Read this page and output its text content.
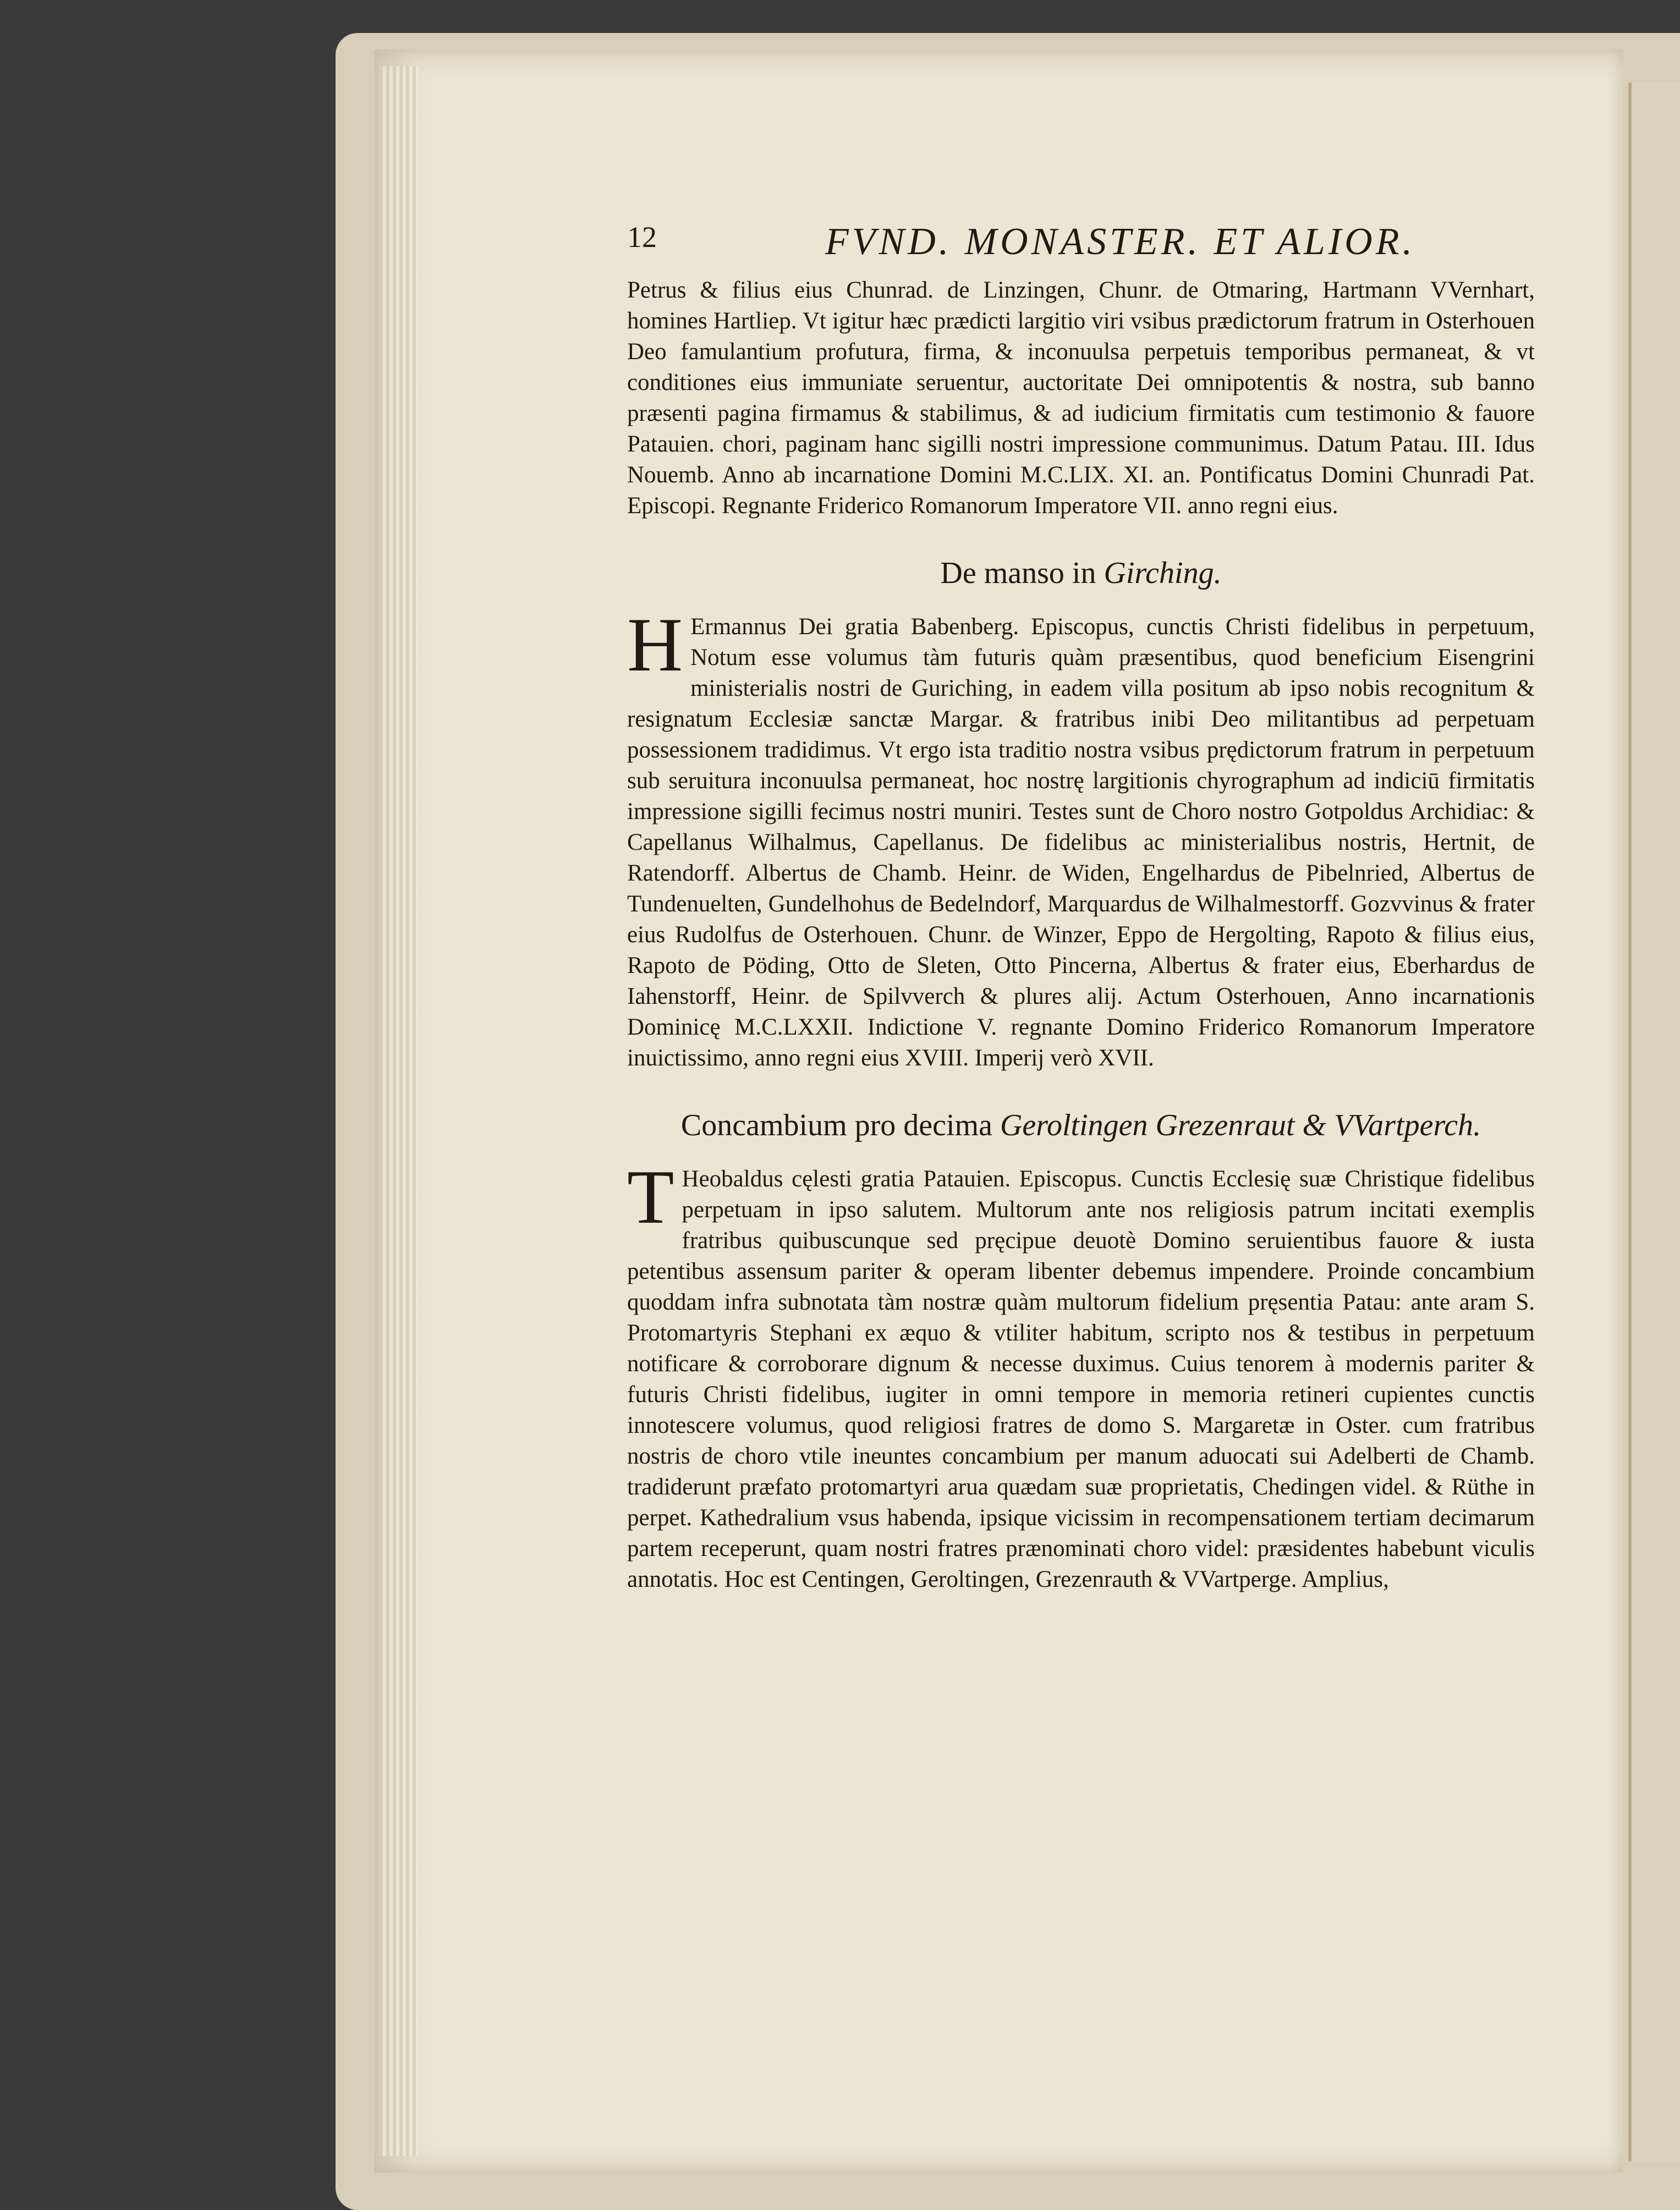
12	FVND. MONASTER. ET ALIOR.

Petrus & filius eius Chunrad. de Linzingen, Chunr. de Otmaring, Hartmann VVernhart, homines Hartliep. Vt igitur hæc prædicti largitio viri vsibus prædictorum fratrum in Osterhouen Deo famulantium profutura, firma, & inconuulsa perpetuis temporibus permaneat, & vt conditiones eius immuniate seruentur, auctoritate Dei omnipotentis & nostra, sub banno præsenti pagina firmamus & stabilimus, & ad iudicium firmitatis cum testimonio & fauore Patauien. chori, paginam hanc sigilli nostri impressione communimus. Datum Patau. III. Idus Nouemb. Anno ab incarnatione Domini M.C.LIX. XI. an. Pontificatus Domini Chunradi Pat. Episcopi. Regnante Friderico Romanorum Imperatore VII. anno regni eius.

De manso in Girching.
H Ermannus Dei gratia Babenberg. Episcopus, cunctis Christi fidelibus in perpetuum, Notum esse volumus tàm futuris quàm præsentibus, quod beneficium Eisengrini ministerialis nostri de Guriching, in eadem villa positum ab ipso nobis recognitum & resignatum Ecclesiæ sanctæ Margar. & fratribus inibi Deo militantibus ad perpetuam possessionem tradidimus. Vt ergo ista traditio nostra vsibus prędictorum fratrum in perpetuum sub seruitura inconuulsa permaneat, hoc nostrę largitionis chyrographum ad indiciū firmitatis impressione sigilli fecimus nostri muniri. Testes sunt de Choro nostro Gotpoldus Archidiac: & Capellanus Wilhalmus, Capellanus. De fidelibus ac ministerialibus nostris, Hertnit, de Ratendorff. Albertus de Chamb. Heinr. de Widen, Engelhardus de Pibelnried, Albertus de Tundenuelten, Gundelhohus de Bedelndorf, Marquardus de Wilhalmestorff. Gozvvinus & frater eius Rudolfus de Osterhouen. Chunr. de Winzer, Eppo de Hergolting, Rapoto & filius eius, Rapoto de Pöding, Otto de Sleten, Otto Pincerna, Albertus & frater eius, Eberhardus de Iahenstorff, Heinr. de Spilvverch & plures alij. Actum Osterhouen, Anno incarnationis Dominicę M.C.LXXII. Indictione V. regnante Domino Friderico Romanorum Imperatore inuictissimo, anno regni eius XVIII. Imperij verò XVII.

Concambium pro decima Geroltingen Grezenraut & VVartperch.
T Heobaldus cęlesti gratia Patauien. Episcopus. Cunctis Ecclesię suæ Christique fidelibus perpetuam in ipso salutem. Multorum ante nos religiosis patrum incitati exemplis fratribus quibuscunque sed pręcipue deuotè Domino seruientibus fauore & iusta petentibus assensum pariter & operam libenter debemus impendere. Proinde concambium quoddam infra subnotata tàm nostræ quàm multorum fidelium pręsentia Patau: ante aram S. Protomartyris Stephani ex æquo & vtiliter habitum, scripto nos & testibus in perpetuum notificare & corroborare dignum & necesse duximus. Cuius tenorem à modernis pariter & futuris Christi fidelibus, iugiter in omni tempore in memoria retineri cupientes cunctis innotescere volumus, quod religiosi fratres de domo S. Margaretæ in Oster. cum fratribus nostris de choro vtile ineuntes concambium per manum aduocati sui Adelberti de Chamb. tradiderunt præfato protomartyri arua quædam suæ proprietatis, Chedingen videl. & Rüthe in perpet. Kathedralium vsus habenda, ipsique vicissim in recompensationem tertiam decimarum partem receperunt, quam nostri fratres prænominati choro videl: præsidentes habebunt viculis annotatis. Hoc est Centingen, Geroltingen, Grezenrauth & VVartperge. Amplius,
